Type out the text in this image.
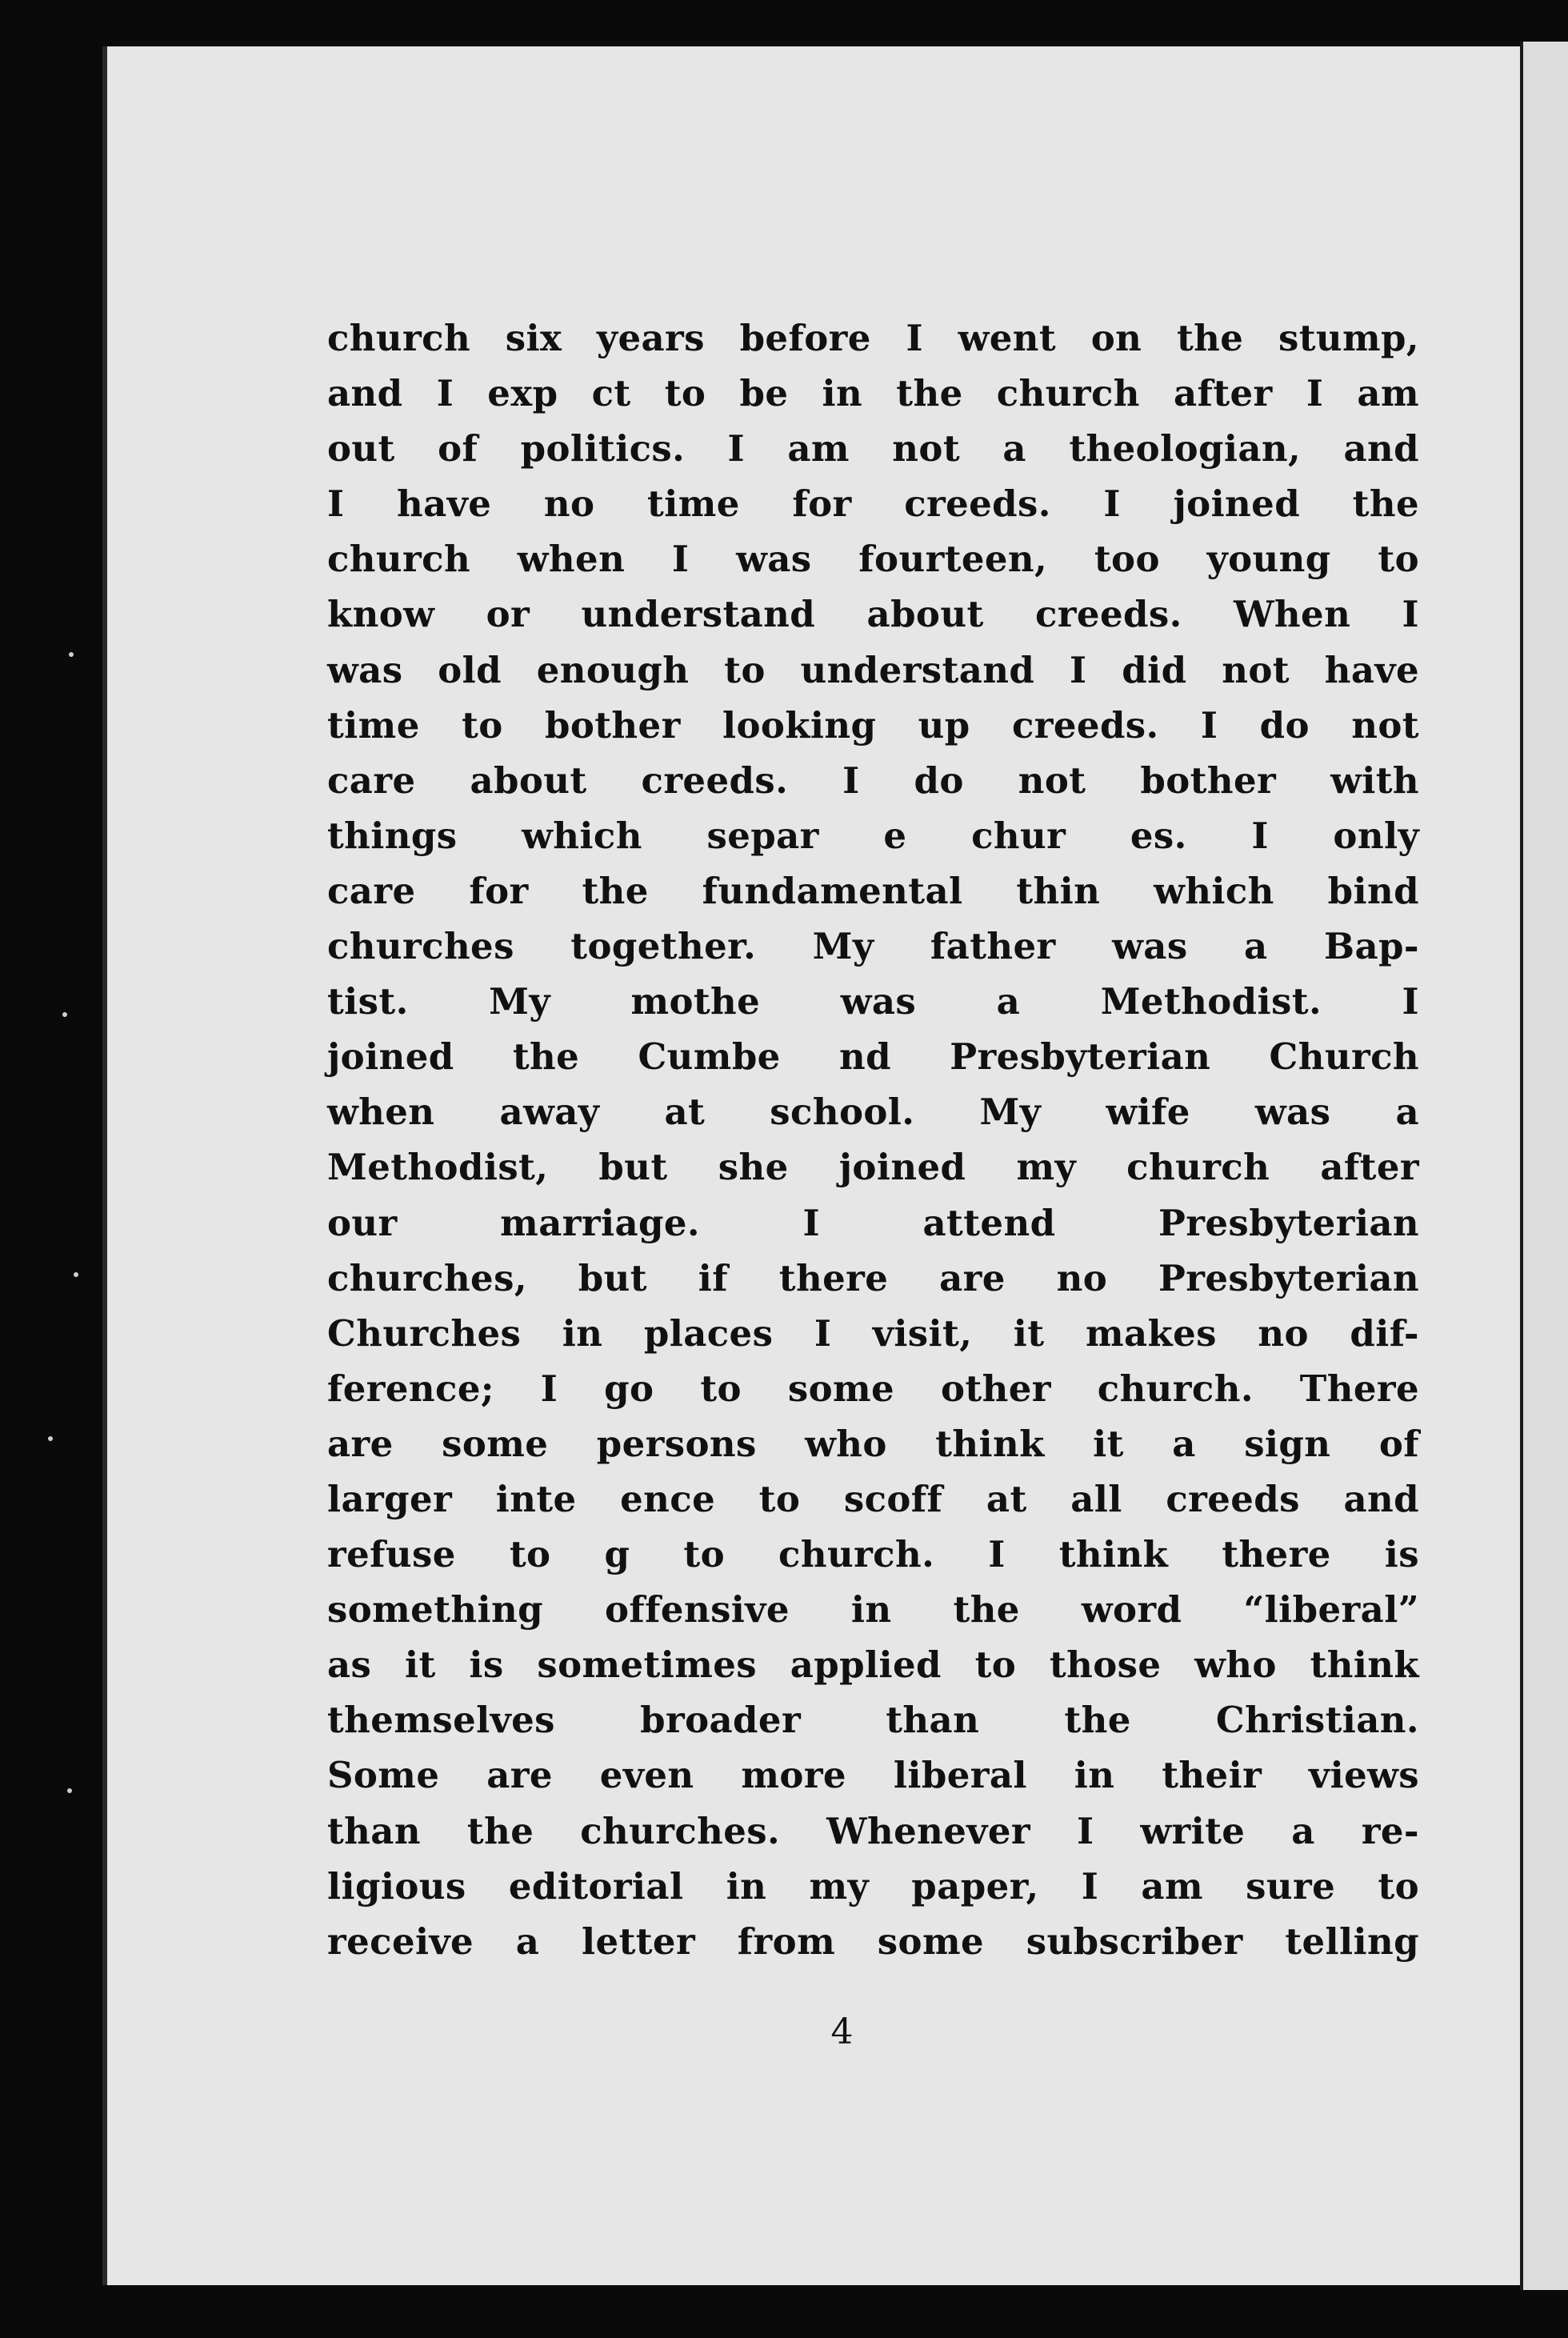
church six years before I went on the stump,
and I exp ct to be in the church after I am
out of politics. I am not a theologian, and
I have no time for creeds. I joined the
church when I was fourteen, too young to
know or understand about creeds. When I
was old enough to understand I did not have
time to bother looking up creeds. I do not
care about creeds. I do not bother with
things which separ e chur es. I only
care for the fundamental thin which bind
churches together. My father was a Bap-
tist. My mothe was a Methodist. I
joined the Cumbe nd Presbyterian Church
when away at school. My wife was a
Methodist, but she joined my church after
our marriage. I attend Presbyterian
churches, but if there are no Presbyterian
Churches in places I visit, it makes no dif-
ference; I go to some other church. There
are some persons who think it a sign of
larger inte ence to scoff at all creeds and
refuse to g to church. I think there is
something offensive in the word “liberal”
as it is sometimes applied to those who think
themselves broader than the Christian.
Some are even more liberal in their views
than the churches. Whenever I write a re-
ligious editorial in my paper, I am sure to
receive a letter from some subscriber telling
4
